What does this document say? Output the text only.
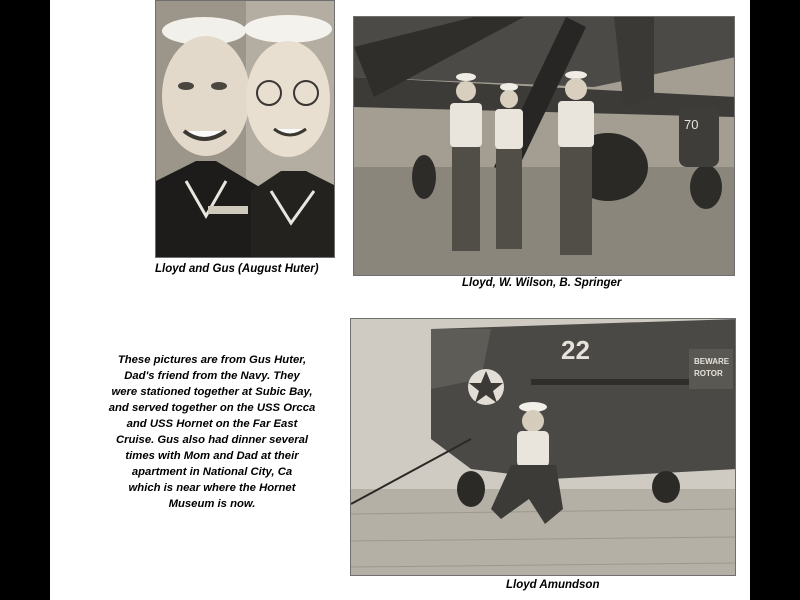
Lloyd and Gus (August Huter)
70
Lloyd, W. Wilson, B. Springer
These pictures are from Gus Huter,
Dad's friend from the Navy. They
were stationed together at Subic Bay,
and served together on the USS Orcca
and USS Hornet on the Far East
Cruise. Gus also had dinner several
times with Mom and Dad at their
apartment in National City, Ca
which is near where the Hornet
Museum is now.
22	BEWARE
ROTOR
Lloyd Amundson
